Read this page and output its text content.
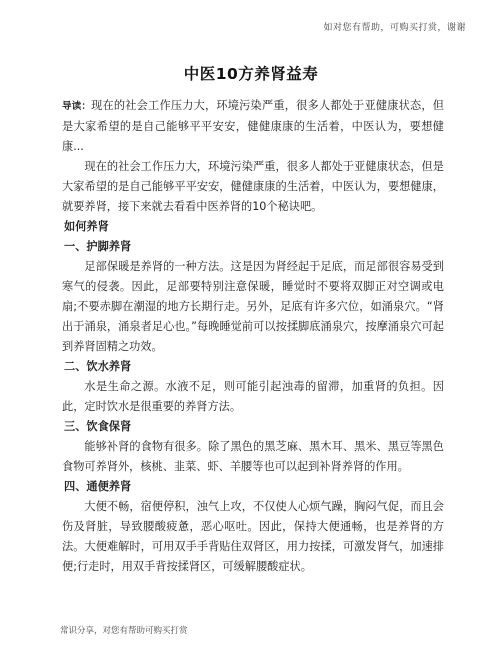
如对您有帮助，可购买打赏，谢谢
中医10方养肾益寿

导读：现在的社会工作压力大，环境污染严重，很多人都处于亚健康状态，但是大家希望的是自己能够平平安安，健健康康的生活着，中医认为，要想健康...

现在的社会工作压力大，环境污染严重，很多人都处于亚健康状态，但是大家希望的是自己能够平平安安，健健康康的生活着，中医认为，要想健康，就要养肾，接下来就去看看中医养肾的10个秘诀吧。

如何养肾
一、护脚养肾

足部保暖是养肾的一种方法。这是因为肾经起于足底，而足部很容易受到寒气的侵袭。因此，足部要特别注意保暖，睡觉时不要将双脚正对空调或电扇;不要赤脚在潮湿的地方长期行走。另外，足底有许多穴位，如涌泉穴。“肾出于涌泉，涌泉者足心也。”每晚睡觉前可以按揉脚底涌泉穴，按摩涌泉穴可起到养肾固精之功效。

二、饮水养肾

水是生命之源。水液不足，则可能引起浊毒的留滞，加重肾的负担。因此，定时饮水是很重要的养肾方法。

三、饮食保肾

能够补肾的食物有很多。除了黑色的黑芝麻、黑木耳、黑米、黑豆等黑色食物可养肾外，核桃、韭菜、虾、羊腰等也可以起到补肾养肾的作用。

四、通便养肾

大便不畅，宿便停积，浊气上攻，不仅使人心烦气躁，胸闷气促，而且会伤及肾脏，导致腰酸疲惫，恶心呕吐。因此，保持大便通畅，也是养肾的方法。大便难解时，可用双手手背贴住双肾区，用力按揉，可激发肾气，加速排便;行走时，用双手背按揉肾区，可缓解腰酸症状。

常识分享，对您有帮助可购买打赏
